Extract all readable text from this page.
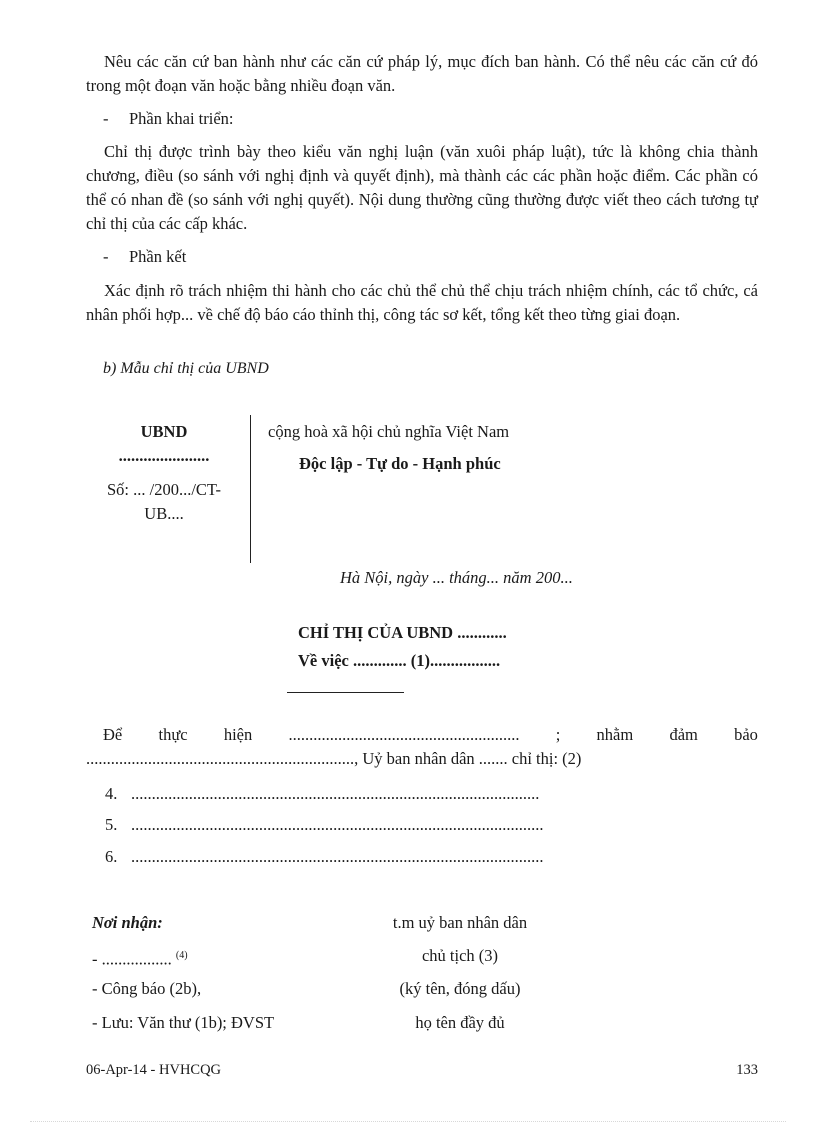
Nêu các căn cứ ban hành như các căn cứ pháp lý, mục đích ban hành. Có thể nêu các căn cứ đó trong một đoạn văn hoặc bằng nhiều đoạn văn.
- Phần khai triển:
Chỉ thị được trình bày theo kiểu văn nghị luận (văn xuôi pháp luật), tức là không chia thành chương, điều (so sánh với nghị định và quyết định), mà thành các các phần hoặc điểm. Các phần có thể có nhan đề (so sánh với nghị quyết). Nội dung thường cũng thường được viết theo cách tương tự chỉ thị của các cấp khác.
- Phần kết
Xác định rõ trách nhiệm thi hành cho các chủ thể chủ thể chịu trách nhiệm chính, các tổ chức, cá nhân phối hợp... về chế độ báo cáo thỉnh thị, công tác sơ kết, tổng kết theo từng giai đoạn.
b) Mẫu chỉ thị của UBND
UBND
......................
Số: ... /200.../CT-
UB....
cộng hoà xã hội chủ nghĩa Việt Nam
Độc lập - Tự do - Hạnh phúc
Hà Nội, ngày ... tháng... năm 200...
CHỈ THỊ CỦA UBND ............
Về việc ............. (1).................
Để thực hiện ........................................................ ; nhằm đảm bảo
................................................................., Uỷ ban nhân dân ....... chỉ thị: (2)
4. ...................................................................................................
5. ....................................................................................................
6. ....................................................................................................
Nơi nhận:
- ................. $^{(4)}$
- Công báo (2b),
- Lưu: Văn thư (1b); ĐVST
t.m uỷ ban nhân dân
chủ tịch (3)
(ký tên, đóng dấu)
họ tên đầy đủ
06-Apr-14 - HVHCQG	133
